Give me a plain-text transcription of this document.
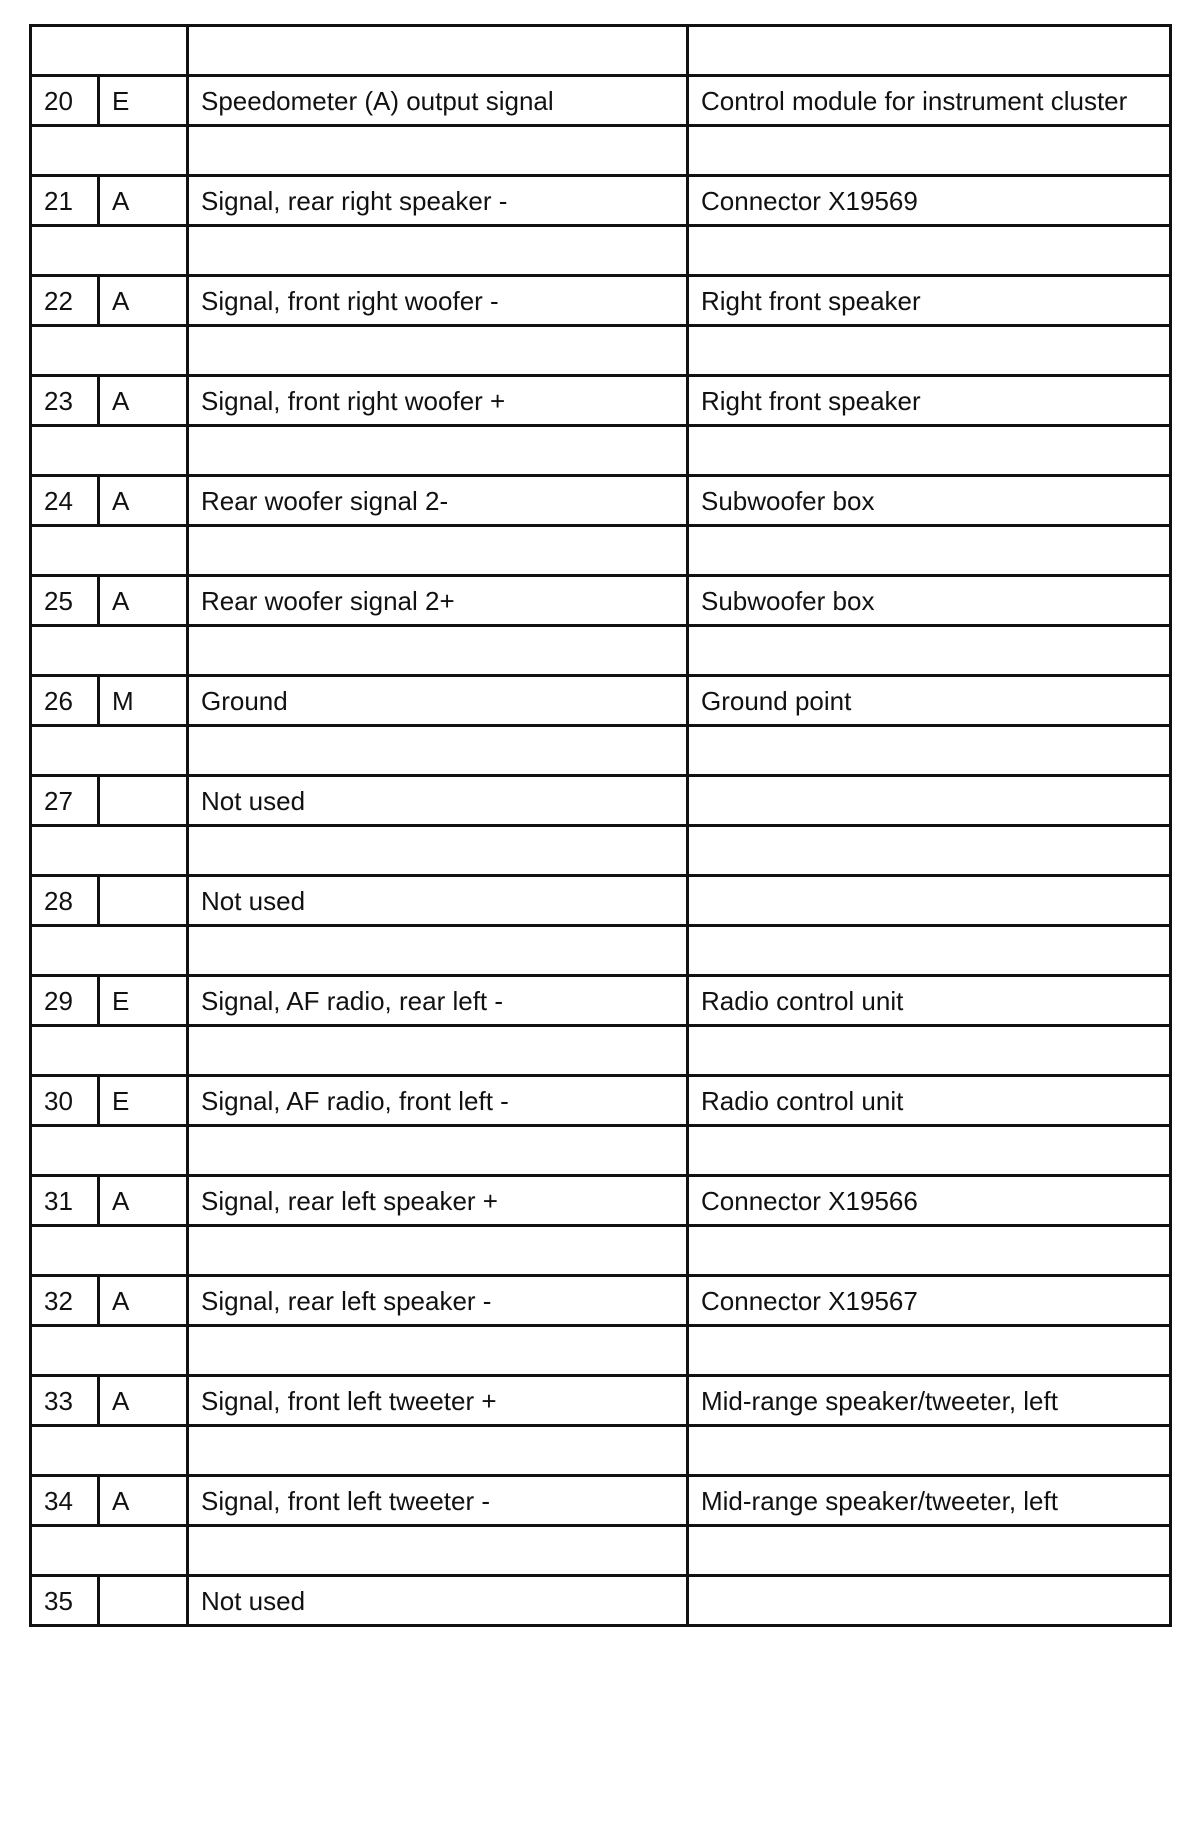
20	E	Speedometer (A) output signal	Control module for instrument cluster

21	A	Signal, rear right speaker -	Connector X19569

22	A	Signal, front right woofer -	Right front speaker

23	A	Signal, front right woofer +	Right front speaker

24	A	Rear woofer signal 2-	Subwoofer box

25	A	Rear woofer signal 2+	Subwoofer box

26	M	Ground	Ground point

27		Not used	

28		Not used	

29	E	Signal, AF radio, rear left -	Radio control unit

30	E	Signal, AF radio, front left -	Radio control unit

31	A	Signal, rear left speaker +	Connector X19566

32	A	Signal, rear left speaker -	Connector X19567

33	A	Signal, front left tweeter +	Mid-range speaker/tweeter, left

34	A	Signal, front left tweeter -	Mid-range speaker/tweeter, left

35		Not used	
